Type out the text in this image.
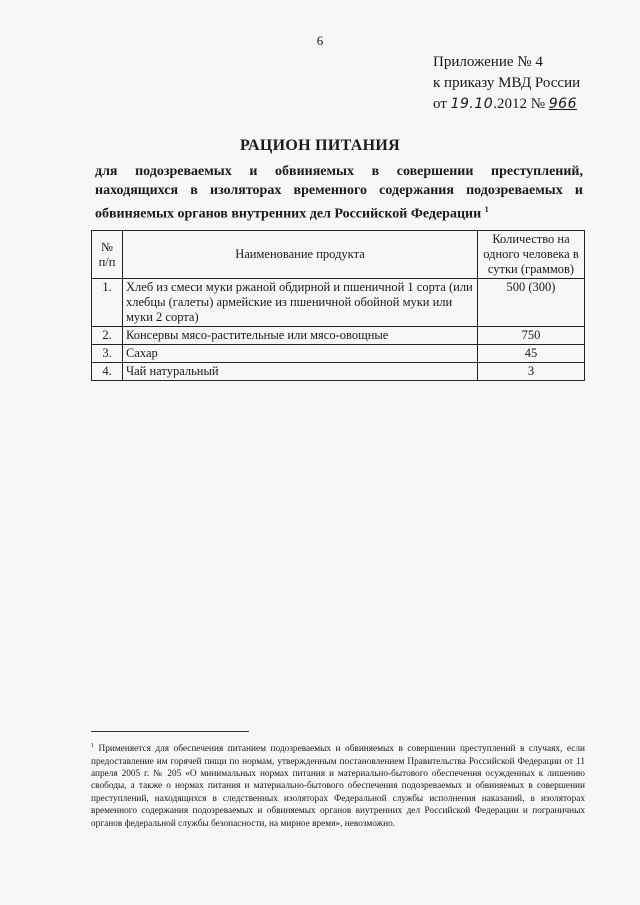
6
Приложение № 4
к приказу МВД России
от 19.10.2012 № 966
РАЦИОН ПИТАНИЯ
для подозреваемых и обвиняемых в совершении преступлений,
находящихся в изоляторах временного содержания подозреваемых и
обвиняемых органов внутренних дел Российской Федерации $^1$
№ п/п	Наименование продукта	Количество на одного человека в сутки (граммов)
1.	Хлеб из смеси муки ржаной обдирной и пшеничной 1 сорта (или хлебцы (галеты) армейские из пшеничной обойной муки или муки 2 сорта)	500 (300)
2.	Консервы мясо-растительные или мясо-овощные	750
3.	Сахар	45
4.	Чай натуральный	3
$^1$ Применяется для обеспечения питанием подозреваемых и обвиняемых в совершении преступлений в случаях, если предоставление им горячей пищи по нормам, утвержденным постановлением Правительства Российской Федерации от 11 апреля 2005 г. № 205 «О минимальных нормах питания и материально-бытового обеспечения осужденных к лишению свободы, а также о нормах питания и материально-бытового обеспечения подозреваемых и обвиняемых в совершении преступлений, находящихся в следственных изоляторах Федеральной службы исполнения наказаний, в изоляторах временного содержания подозреваемых и обвиняемых органов внутренних дел Российской Федерации и пограничных органов федеральной службы безопасности, на мирное время», невозможно.
